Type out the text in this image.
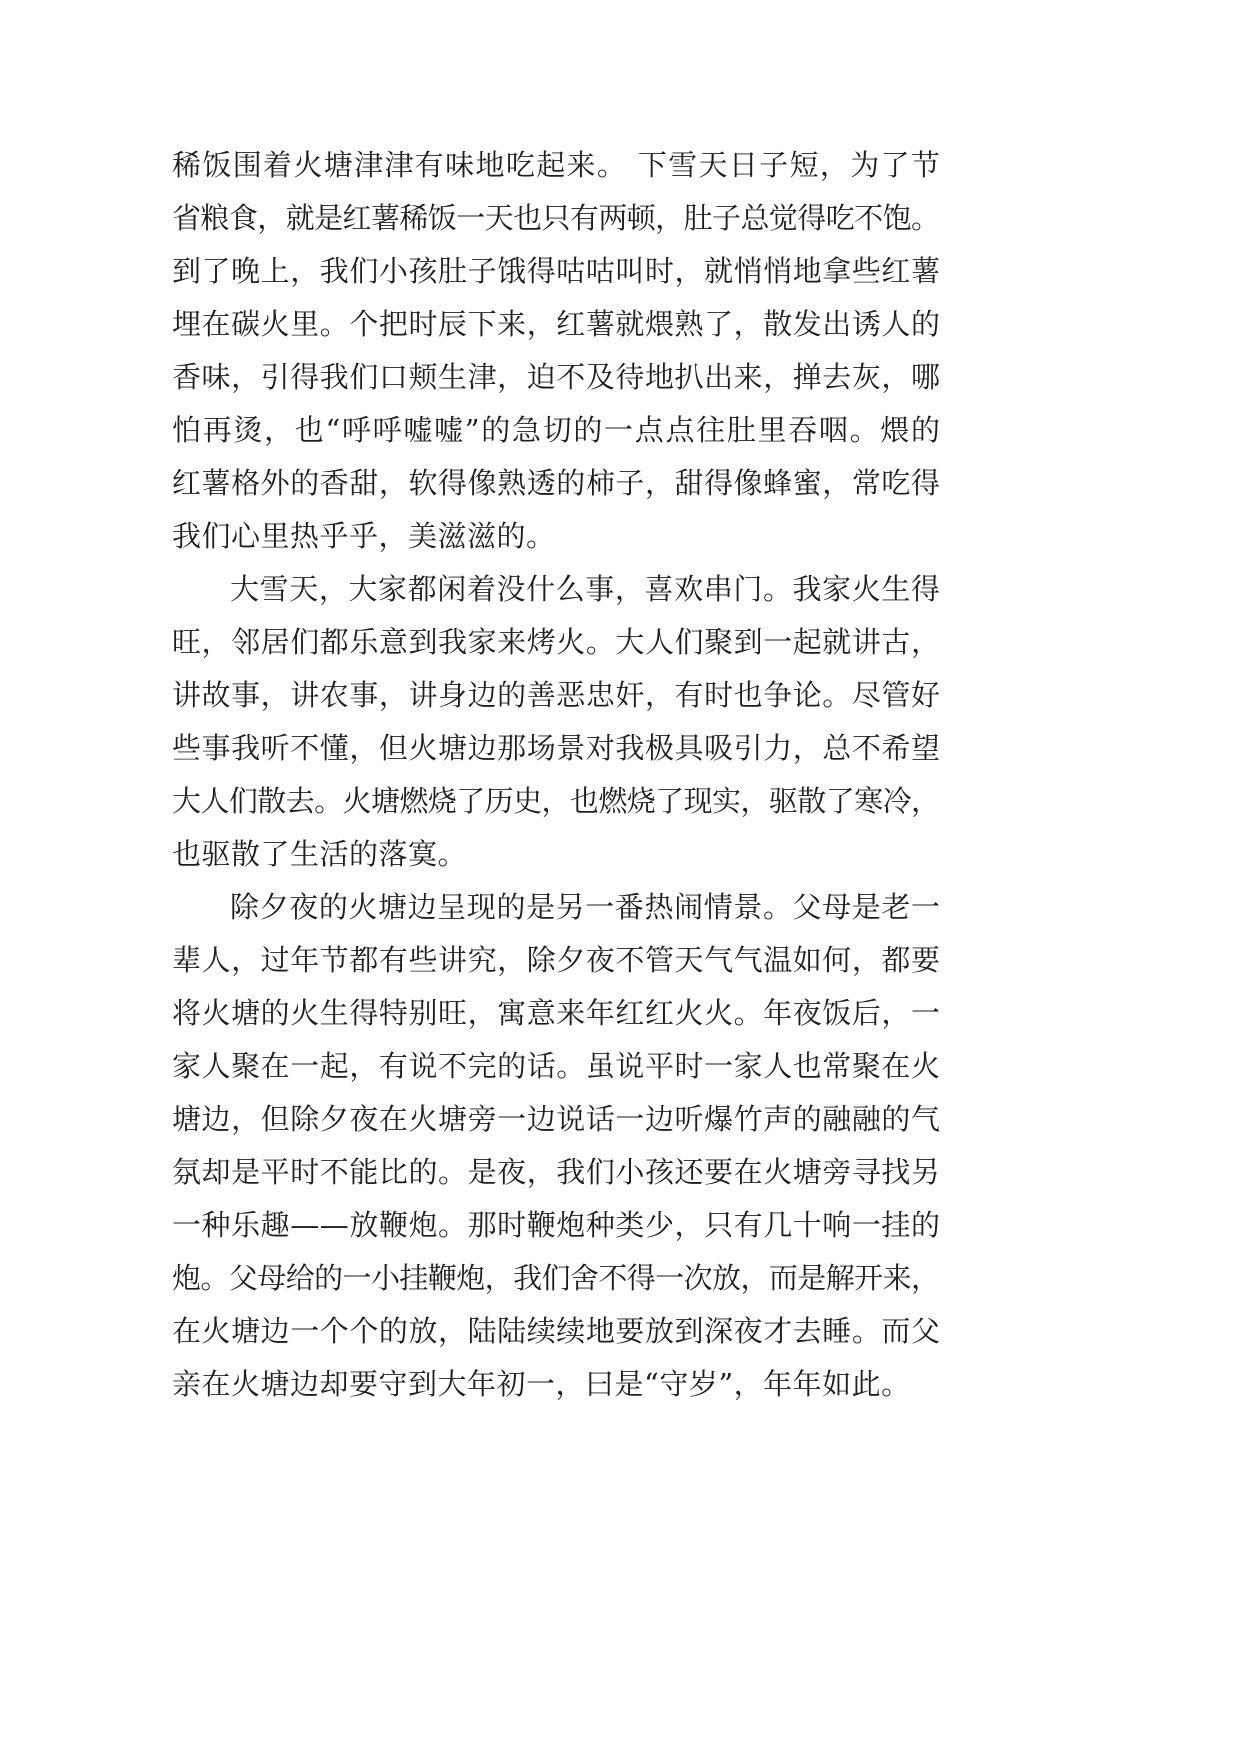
稀饭围着火塘津津有味地吃起来。 下雪天日子短，为了节
省粮食，就是红薯稀饭一天也只有两顿，肚子总觉得吃不饱。
到了晚上，我们小孩肚子饿得咕咕叫时，就悄悄地拿些红薯
埋在碳火里。个把时辰下来，红薯就煨熟了，散发出诱人的
香味，引得我们口颊生津，迫不及待地扒出来，掸去灰，哪
怕再烫，也“呼呼嘘嘘”的急切的一点点往肚里吞咽。煨的
红薯格外的香甜，软得像熟透的柿子，甜得像蜂蜜，常吃得
我们心里热乎乎，美滋滋的。
大雪天，大家都闲着没什么事，喜欢串门。我家火生得
旺，邻居们都乐意到我家来烤火。大人们聚到一起就讲古，
讲故事，讲农事，讲身边的善恶忠奸，有时也争论。尽管好
些事我听不懂，但火塘边那场景对我极具吸引力，总不希望
大人们散去。火塘燃烧了历史，也燃烧了现实，驱散了寒冷，
也驱散了生活的落寞。
除夕夜的火塘边呈现的是另一番热闹情景。父母是老一
辈人，过年节都有些讲究，除夕夜不管天气气温如何，都要
将火塘的火生得特别旺，寓意来年红红火火。年夜饭后，一
家人聚在一起，有说不完的话。虽说平时一家人也常聚在火
塘边，但除夕夜在火塘旁一边说话一边听爆竹声的融融的气
氛却是平时不能比的。是夜，我们小孩还要在火塘旁寻找另
一种乐趣——放鞭炮。那时鞭炮种类少，只有几十响一挂的
炮。父母给的一小挂鞭炮，我们舍不得一次放，而是解开来，
在火塘边一个个的放，陆陆续续地要放到深夜才去睡。而父
亲在火塘边却要守到大年初一，曰是“守岁”，年年如此。
